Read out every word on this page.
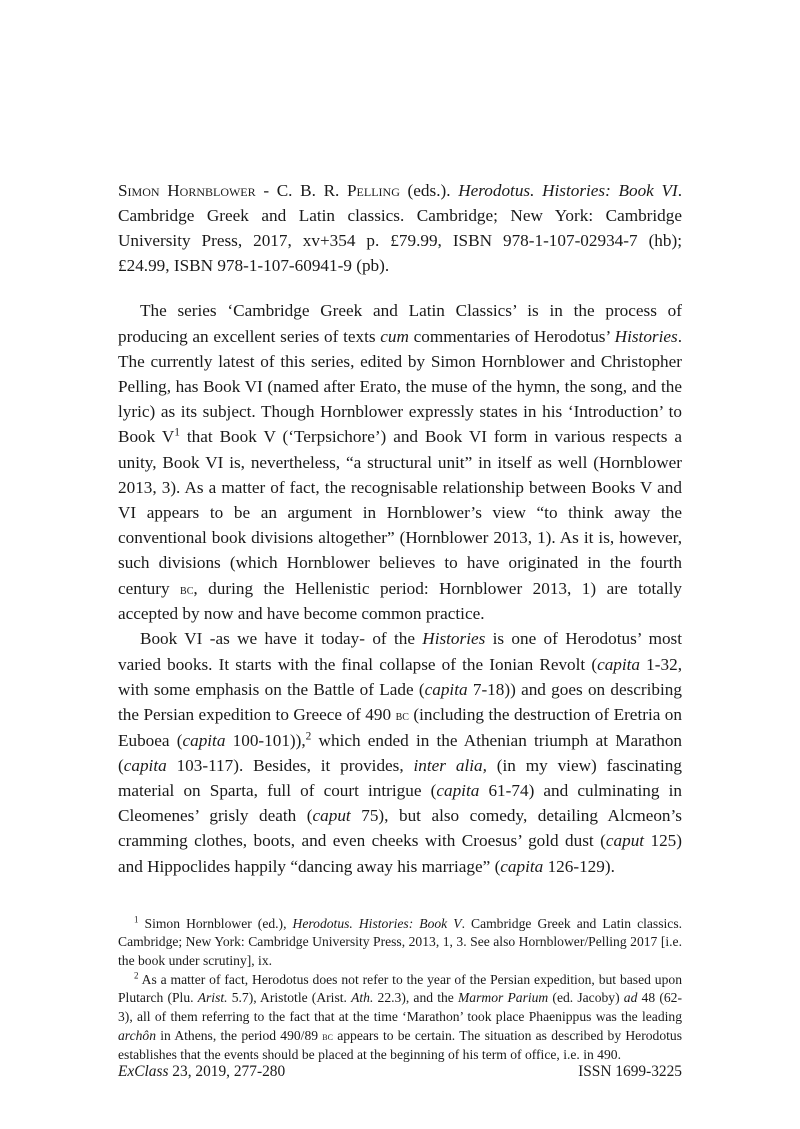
Simon Hornblower - C. B. R. Pelling (eds.). Herodotus. Histories: Book VI. Cambridge Greek and Latin classics. Cambridge; New York: Cambridge University Press, 2017, xv+354 p. £79.99, ISBN 978-1-107-02934-7 (hb); £24.99, ISBN 978-1-107-60941-9 (pb).

The series ‘Cambridge Greek and Latin Classics’ is in the process of producing an excellent series of texts cum commentaries of Herodotus’ Histories. The currently latest of this series, edited by Simon Hornblower and Christopher Pelling, has Book VI (named after Erato, the muse of the hymn, the song, and the lyric) as its subject. Though Hornblower expressly states in his ‘Introduction’ to Book $V^1$ that Book V (‘Terpsichore’) and Book VI form in various respects a unity, Book VI is, nevertheless, “a structural unit” in itself as well (Hornblower 2013, 3). As a matter of fact, the recognisable relationship between Books V and VI appears to be an argument in Hornblower’s view “to think away the conventional book divisions altogether” (Hornblower 2013, 1). As it is, however, such divisions (which Hornblower believes to have originated in the fourth century bc, during the Hellenistic period: Hornblower 2013, 1) are totally accepted by now and have become common practice.

Book VI -as we have it today- of the Histories is one of Herodotus’ most varied books. It starts with the final collapse of the Ionian Revolt (capita 1-32, with some emphasis on the Battle of Lade (capita 7-18)) and goes on describing the Persian expedition to Greece of 490 bc (including the destruction of Eretria on Euboea (capita 100-101)),$^2$ which ended in the Athenian triumph at Marathon (capita 103-117). Besides, it provides, inter alia, (in my view) fascinating material on Sparta, full of court intrigue (capita 61-74) and culminating in Cleomenes’ grisly death (caput 75), but also comedy, detailing Alcmeon’s cramming clothes, boots, and even cheeks with Croesus’ gold dust (caput 125) and Hippoclides happily “dancing away his marriage” (capita 126-129).

$^1$ Simon Hornblower (ed.), Herodotus. Histories: Book V. Cambridge Greek and Latin classics. Cambridge; New York: Cambridge University Press, 2013, 1, 3. See also Hornblower/Pelling 2017 [i.e. the book under scrutiny], ix.

$^2$ As a matter of fact, Herodotus does not refer to the year of the Persian expedition, but based upon Plutarch (Plu. Arist. 5.7), Aristotle (Arist. Ath. 22.3), and the Marmor Parium (ed. Jacoby) ad 48 (62-3), all of them referring to the fact that at the time ‘Marathon’ took place Phaenippus was the leading archôn in Athens, the period 490/89 bc appears to be certain. The situation as described by Herodotus establishes that the events should be placed at the beginning of his term of office, i.e. in 490.

ExClass 23, 2019, 277-280	ISSN 1699-3225
